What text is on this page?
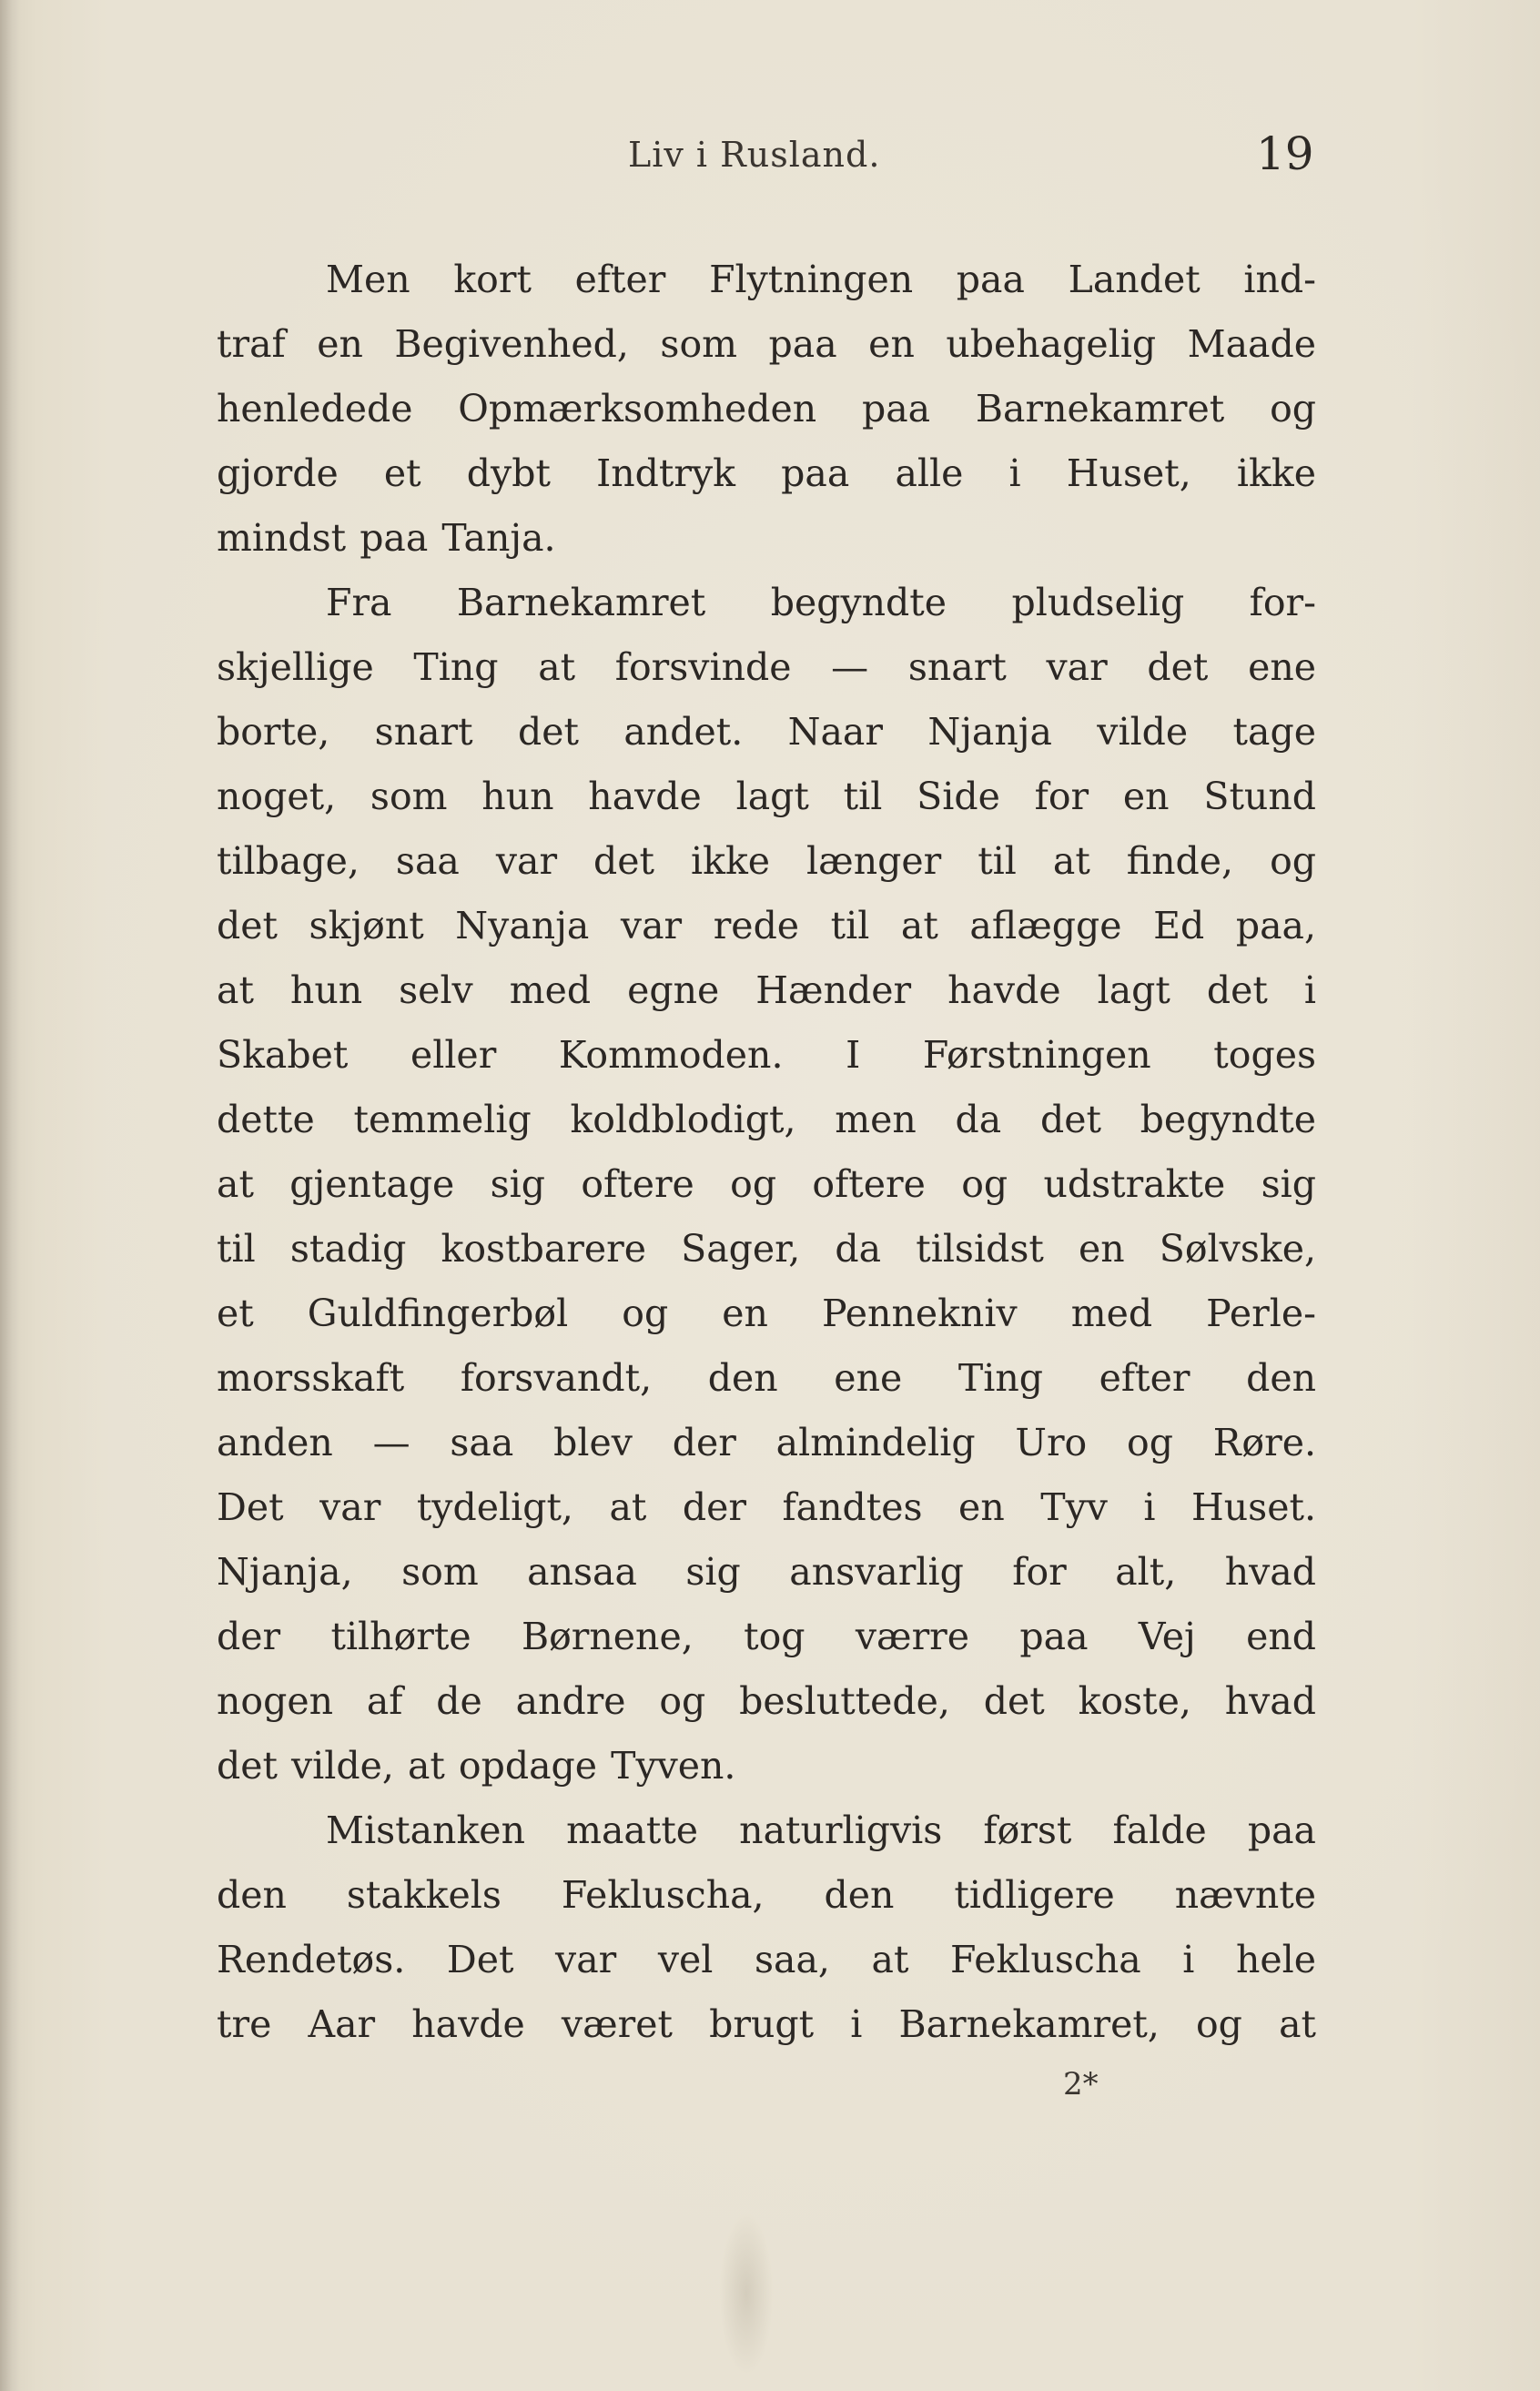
Liv i Rusland.	19
Men kort efter Flytningen paa Landet ind-
traf en Begivenhed, som paa en ubehagelig Maade
henledede Opmærksomheden paa Barnekamret og
gjorde et dybt Indtryk paa alle i Huset, ikke
mindst paa Tanja.
Fra Barnekamret begyndte pludselig for-
skjellige Ting at forsvinde — snart var det ene
borte, snart det andet. Naar Njanja vilde tage
noget, som hun havde lagt til Side for en Stund
tilbage, saa var det ikke længer til at finde, og
det skjønt Nyanja var rede til at aflægge Ed paa,
at hun selv med egne Hænder havde lagt det i
Skabet eller Kommoden. I Førstningen toges
dette temmelig koldblodigt, men da det begyndte
at gjentage sig oftere og oftere og udstrakte sig
til stadig kostbarere Sager, da tilsidst en Sølvske,
et Guldfingerbøl og en Pennekniv med Perle-
morsskaft forsvandt, den ene Ting efter den
anden — saa blev der almindelig Uro og Røre.
Det var tydeligt, at der fandtes en Tyv i Huset.
Njanja, som ansaa sig ansvarlig for alt, hvad
der tilhørte Børnene, tog værre paa Vej end
nogen af de andre og besluttede, det koste, hvad
det vilde, at opdage Tyven.
Mistanken maatte naturligvis først falde paa
den stakkels Fekluscha, den tidligere nævnte
Rendetøs. Det var vel saa, at Fekluscha i hele
tre Aar havde været brugt i Barnekamret, og at
2*
